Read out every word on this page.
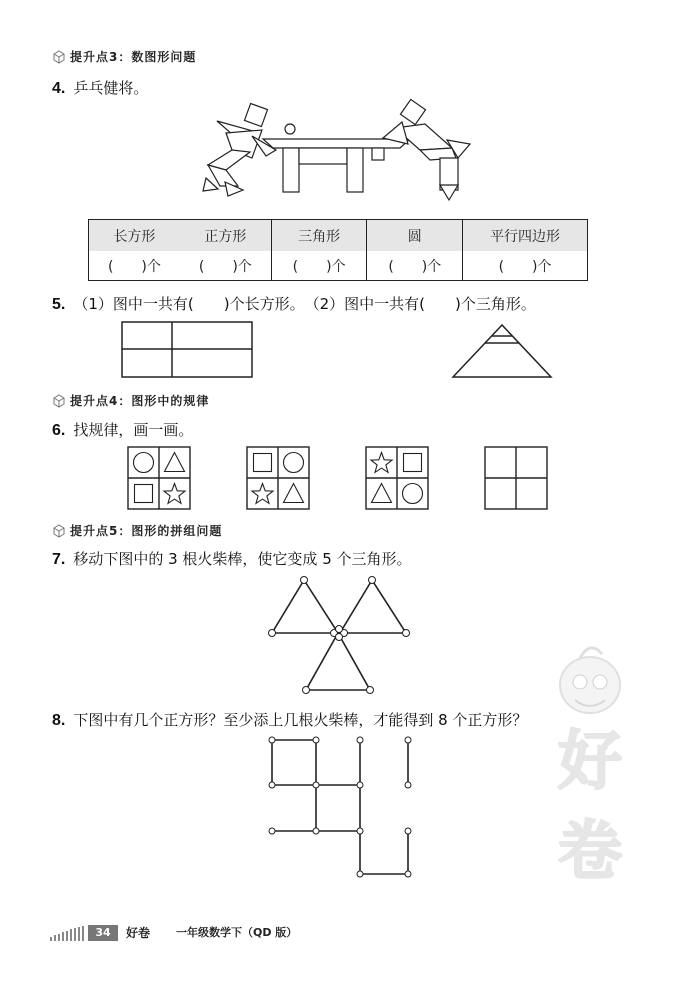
提升点3：数图形问题
4. 乒乓健将。
长方形 正方形	三角形	圆	平行四边形

(　　)个 (　　)个	(　　)个	(　　)个	(　　)个
5. （1）图中一共有(　　)个长方形。　（2）图中一共有(　　)个三角形。
提升点4：图形中的规律
6. 找规律，画一画。
提升点5：图形的拼组问题
7. 移动下图中的 3 根火柴棒，使它变成 5 个三角形。
8. 下图中有几个正方形？至少添上几根火柴棒，才能得到 8 个正方形？
好
卷
34	好卷 一年级数学下（QD 版）
